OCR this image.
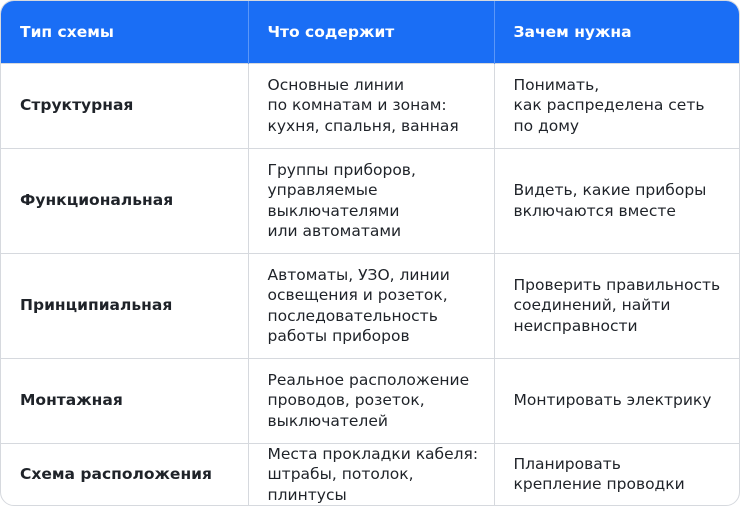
Тип схемы	Что содержит	Зачем нужна
Структурная	Основные линии
по комнатам и зонам:
кухня, спальня, ванная	Понимать,
как распределена сеть
по дому

Функциональная	Группы приборов,
управляемые
выключателями
или автоматами	Видеть, какие приборы
включаются вместе

Принципиальная	Автоматы, УЗО, линии
освещения и розеток,
последовательность
работы приборов	Проверить правильность
соединений, найти
неисправности

Монтажная	Реальное расположение
проводов, розеток,
выключателей	Монтировать электрику

Схема расположения	Места прокладки кабеля:
штрабы, потолок, плинтусы	Планировать
крепление проводки
